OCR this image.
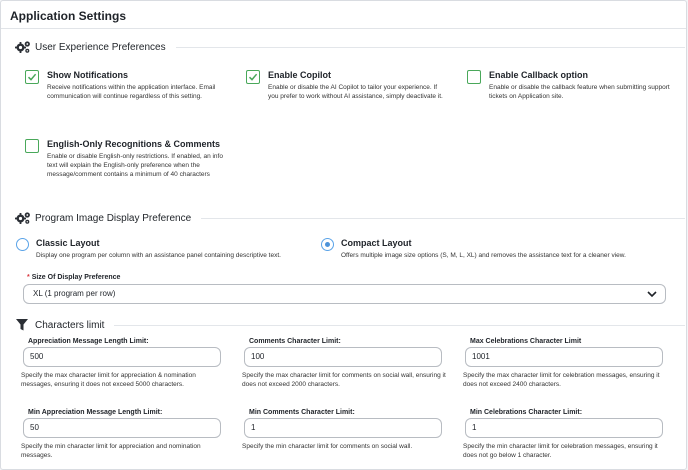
Application Settings
User Experience Preferences
Show Notifications
Receive notifications within the application interface. Email communication will continue regardless of this setting.
Enable Copilot
Enable or disable the AI Copilot to tailor your experience. If you prefer to work without AI assistance, simply deactivate it.
Enable Callback option
Enable or disable the callback feature when submitting support tickets on Application site.
English-Only Recognitions & Comments
Enable or disable English-only restrictions. If enabled, an info text will explain the English-only preference when the message/comment contains a minimum of 40 characters
Program Image Display Preference
Classic Layout
Display one program per column with an assistance panel containing descriptive text.
Compact Layout
Offers multiple image size options (S, M, L, XL) and removes the assistance text for a cleaner view.
* Size Of Display Preference
XL (1 program per row)
Characters limit
Appreciation Message Length Limit:
500
Specify the max character limit for appreciation & nomination messages, ensuring it does not exceed 5000 characters.
Comments Character Limit:
100
Specify the max character limit for comments on social wall, ensuring it does not exceed 2000 characters.
Max Celebrations Character Limit
1001
Specify the max character limit for celebration messages, ensuring it does not exceed 2400 characters.
Min Appreciation Message Length Limit:
50
Specify the min character limit for appreciation and nomination messages.
Min Comments Character Limit:
1
Specify the min character limit for comments on social wall.
Min Celebrations Character Limit:
1
Specify the min character limit for celebration messages, ensuring it does not go below 1 character.
